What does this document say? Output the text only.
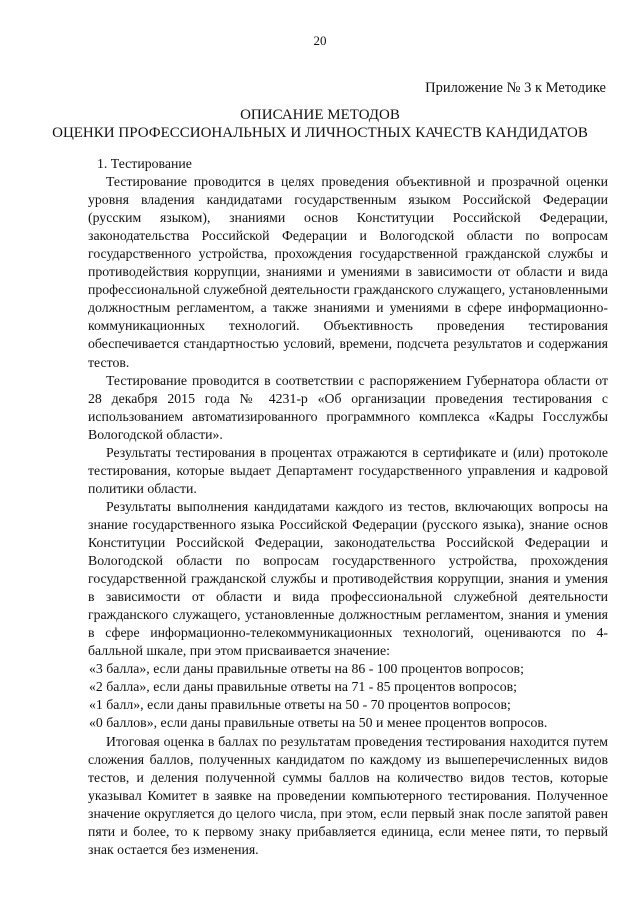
20
Приложение № 3 к Методике
ОПИСАНИЕ МЕТОДОВ
ОЦЕНКИ ПРОФЕССИОНАЛЬНЫХ И ЛИЧНОСТНЫХ КАЧЕСТВ КАНДИДАТОВ

1. Тестирование

Тестирование проводится в целях проведения объективной и прозрачной оценки уровня владения кандидатами государственным языком Российской Федерации (русским языком), знаниями основ Конституции Российской Федерации, законодательства Российской Федерации и Вологодской области по вопросам государственного устройства, прохождения государственной гражданской службы и противодействия коррупции, знаниями и умениями в зависимости от области и вида профессиональной служебной деятельности гражданского служащего, установленными должностным регламентом, а также знаниями и умениями в сфере информационно-коммуникационных технологий. Объективность проведения тестирования обеспечивается стандартностью условий, времени, подсчета результатов и содержания тестов.

Тестирование проводится в соответствии с распоряжением Губернатора области от 28 декабря 2015 года № 4231-р «Об организации проведения тестирования с использованием автоматизированного программного комплекса «Кадры Госслужбы Вологодской области».

Результаты тестирования в процентах отражаются в сертификате и (или) протоколе тестирования, которые выдает Департамент государственного управления и кадровой политики области.

Результаты выполнения кандидатами каждого из тестов, включающих вопросы на знание государственного языка Российской Федерации (русского языка), знание основ Конституции Российской Федерации, законодательства Российской Федерации и Вологодской области по вопросам государственного устройства, прохождения государственной гражданской службы и противодействия коррупции, знания и умения в зависимости от области и вида профессиональной служебной деятельности гражданского служащего, установленные должностным регламентом, знания и умения в сфере информационно-телекоммуникационных технологий, оцениваются по 4-балльной шкале, при этом присваивается значение:

«3 балла», если даны правильные ответы на 86 - 100 процентов вопросов;

«2 балла», если даны правильные ответы на 71 - 85 процентов вопросов;

«1 балл», если даны правильные ответы на 50 - 70 процентов вопросов;

«0 баллов», если даны правильные ответы на 50 и менее процентов вопросов.

Итоговая оценка в баллах по результатам проведения тестирования находится путем сложения баллов, полученных кандидатом по каждому из вышеперечисленных видов тестов, и деления полученной суммы баллов на количество видов тестов, которые указывал Комитет в заявке на проведении компьютерного тестирования. Полученное значение округляется до целого числа, при этом, если первый знак после запятой равен пяти и более, то к первому знаку прибавляется единица, если менее пяти, то первый знак остается без изменения.
